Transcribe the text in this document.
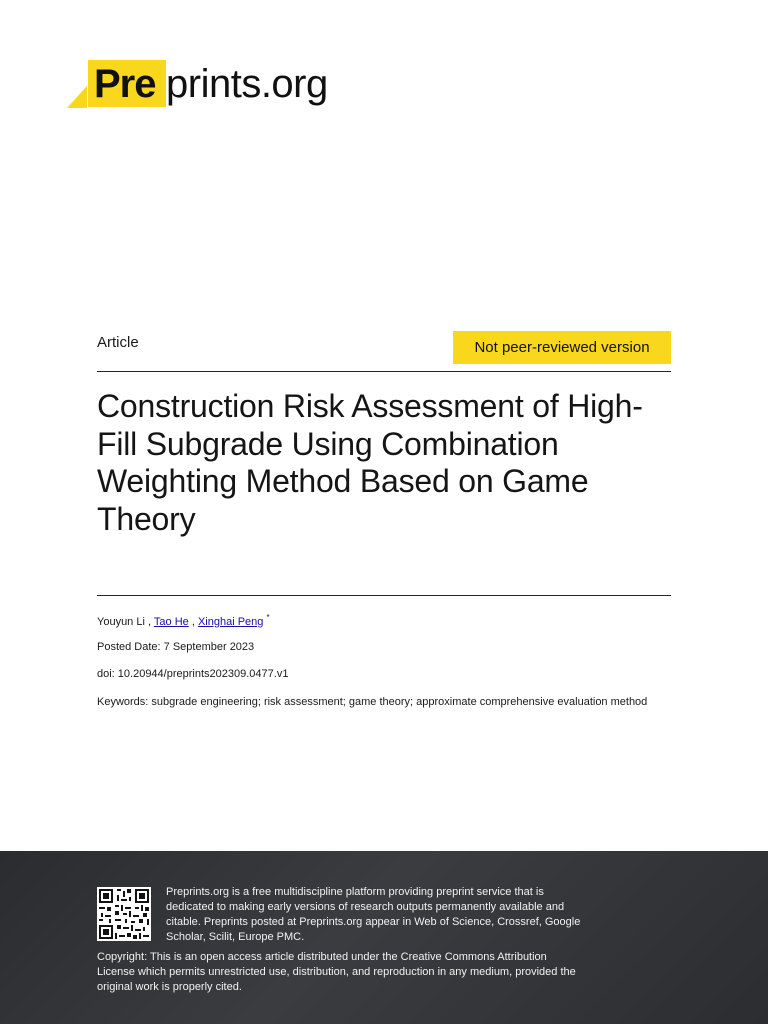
Pre prints.org
Article	Not peer-reviewed version
Construction Risk Assessment of High-Fill Subgrade Using Combination Weighting Method Based on Game Theory
Youyun Li , Tao He , Xinghai Peng *
Posted Date: 7 September 2023
doi: 10.20944/preprints202309.0477.v1
Keywords: subgrade engineering; risk assessment; game theory; approximate comprehensive evaluation method
Preprints.org is a free multidiscipline platform providing preprint service that is dedicated to making early versions of research outputs permanently available and citable. Preprints posted at Preprints.org appear in Web of Science, Crossref, Google Scholar, Scilit, Europe PMC.
Copyright: This is an open access article distributed under the Creative Commons Attribution License which permits unrestricted use, distribution, and reproduction in any medium, provided the original work is properly cited.
